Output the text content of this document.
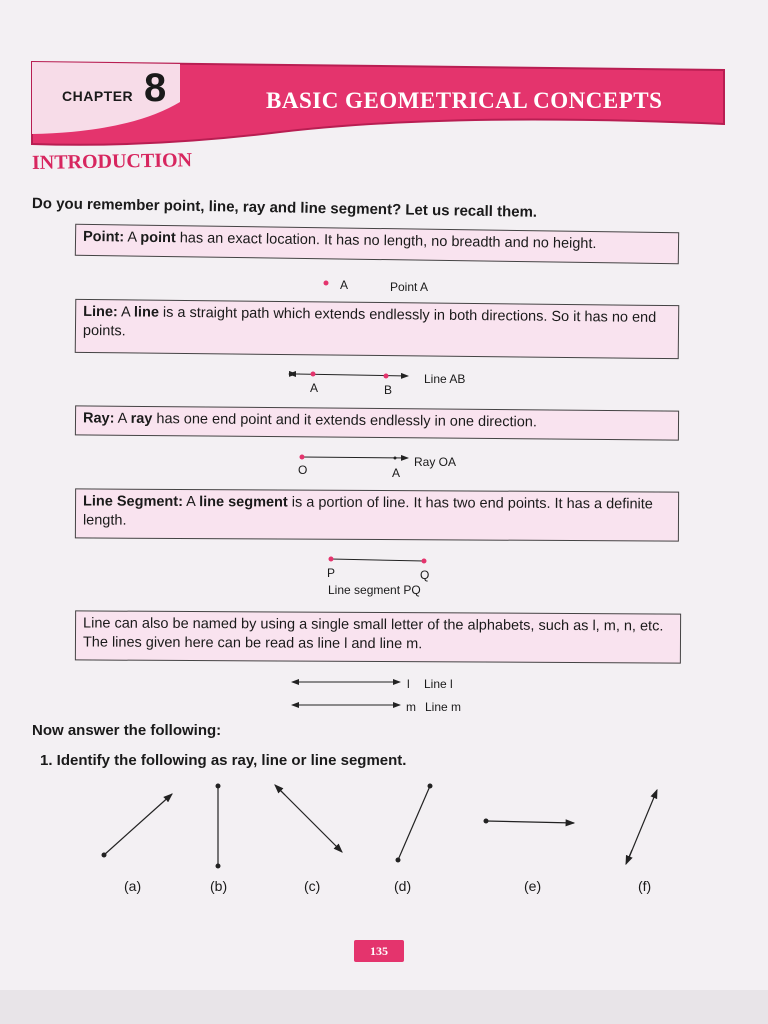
CHAPTER 8	BASIC GEOMETRICAL CONCEPTS
INTRODUCTION
Do you remember point, line, ray and line segment? Let us recall them.
Point: A point has an exact location. It has no length, no breadth and no height.
A	Point A
Line: A line is a straight path which extends endlessly in both directions. So it has no end points.
A	B
Line AB
Ray: A ray has one end point and it extends endlessly in one direction.
O	A
Ray OA
Line Segment: A line segment is a portion of line. It has two end points. It has a definite length.
P	Q
Line segment PQ
Line can also be named by using a single small letter of the alphabets, such as l, m, n, etc. The lines given here can be read as line l and line m.
l Line l
m Line m
Now answer the following:
1. Identify the following as ray, line or line segment.
(a)	(b)	(c)	(d)	(e)	(f)
135
